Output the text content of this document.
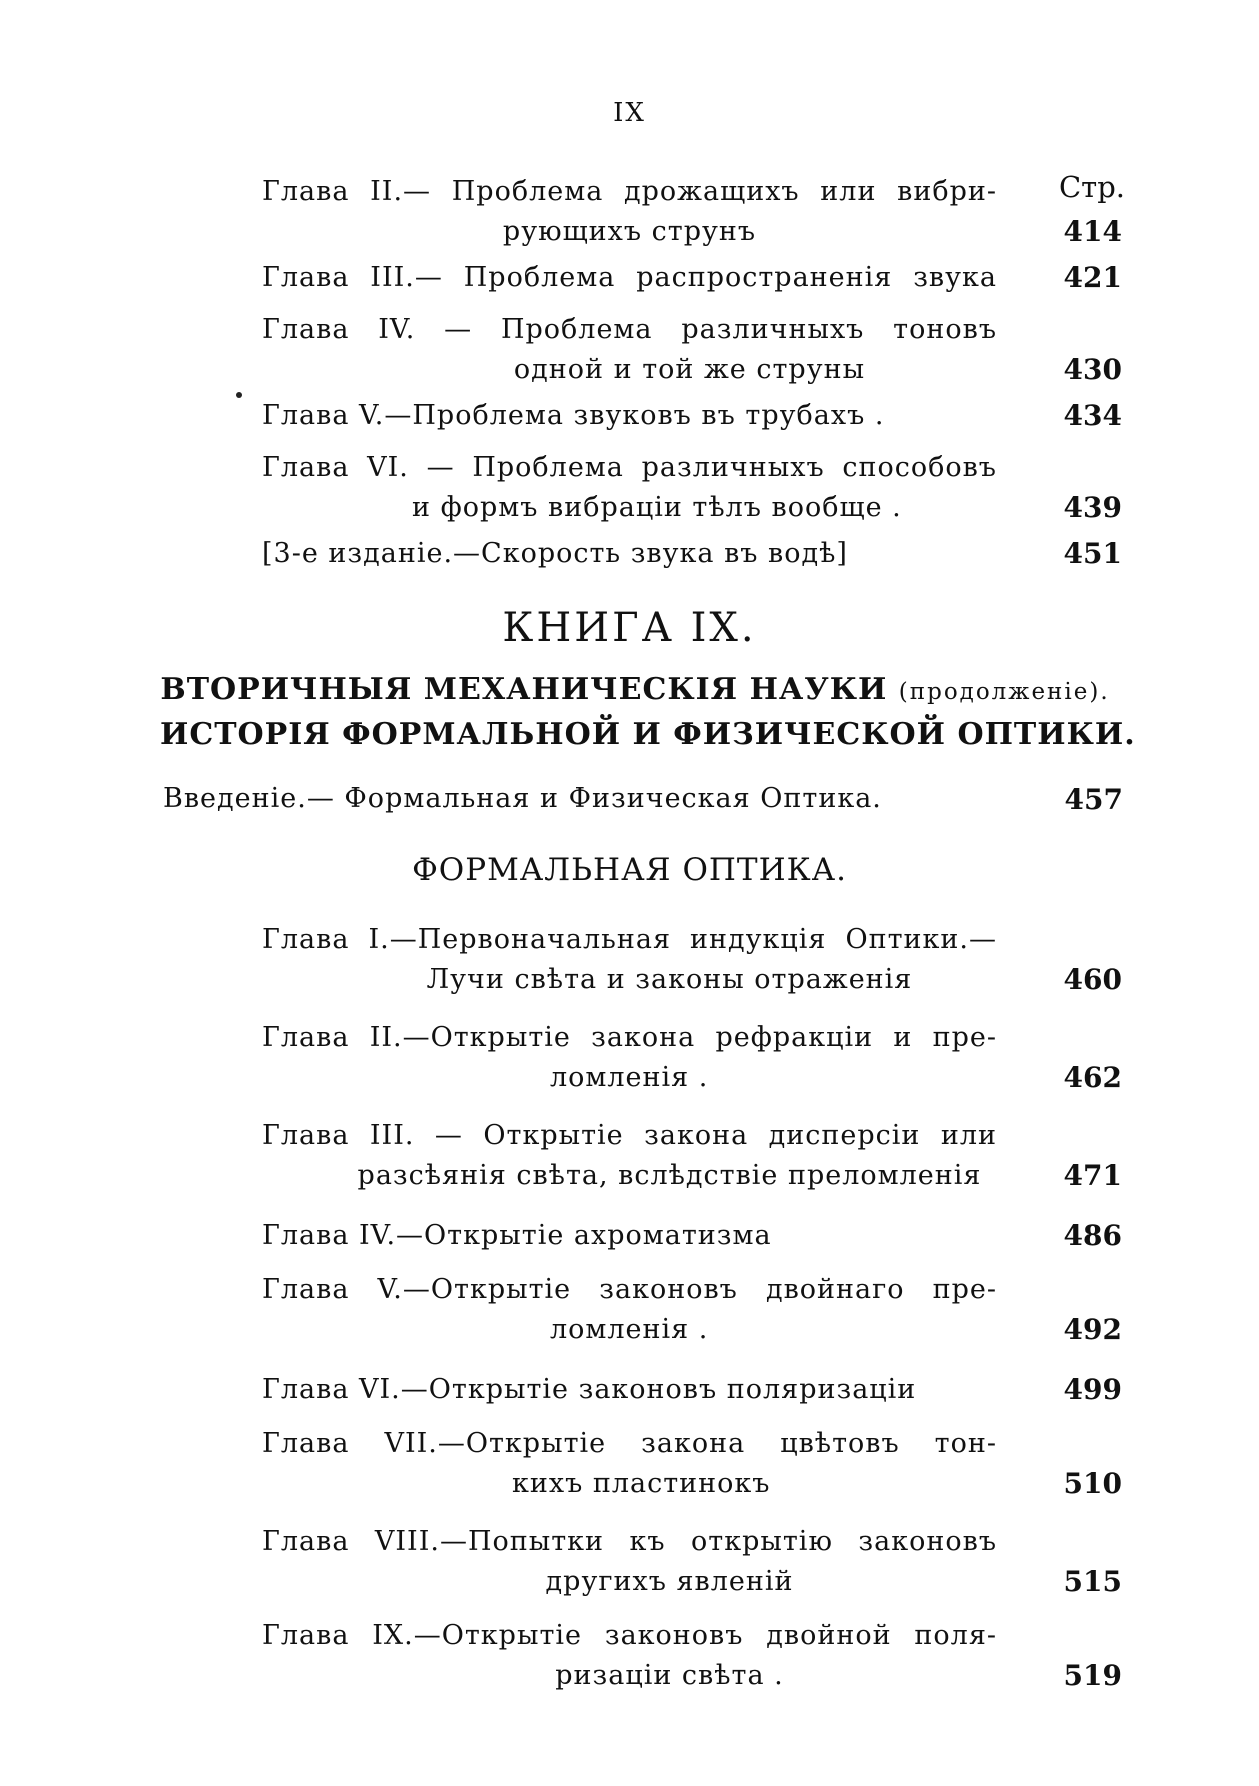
IX
Стр.
Глава II.— Проблема дрожащихъ или вибри-
рующихъ струнъ	414
Глава III.— Проблема распространенія звука	421
Глава IV. — Проблема различныхъ тоновъ
одной и той же струны	430
Глава V.—Проблема звуковъ въ трубахъ .	434
Глава VI. — Проблема различныхъ способовъ
и формъ вибраціи тѣлъ вообще .	439
[3-е изданіе.—Скорость звука въ водѣ]	451
КНИГА IX.
ВТОРИЧНЫЯ МЕХАНИЧЕСКІЯ НАУКИ (продолженіе).
ИСТОРІЯ ФОРМАЛЬНОЙ И ФИЗИЧЕСКОЙ ОПТИКИ.
Введеніе.— Формальная и Физическая Оптика.	457
ФОРМАЛЬНАЯ ОПТИКА.
Глава I.—Первоначальная индукція Оптики.—
Лучи свѣта и законы отраженія	460
Глава II.—Открытіе закона рефракціи и пре-
ломленія .	462
Глава III. — Открытіе закона дисперсіи или
разсѣянія свѣта, вслѣдствіе преломленія	471
Глава IV.—Открытіе ахроматизма	486
Глава V.—Открытіе законовъ двойнаго пре-
ломленія .	492
Глава VI.—Открытіе законовъ поляризаціи	499
Глава VII.—Открытіе закона цвѣтовъ тон-
кихъ пластинокъ	510
Глава VIII.—Попытки къ открытію законовъ
другихъ явленій	515
Глава IX.—Открытіе законовъ двойной поля-
ризаціи свѣта .	519
